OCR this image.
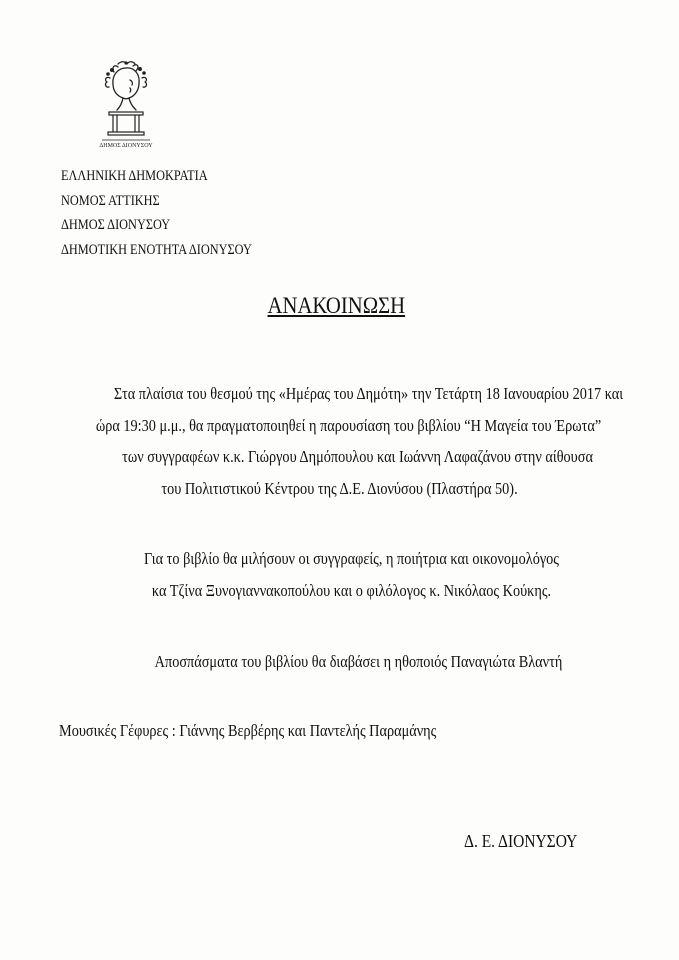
ΔΗΜΟΣ ΔΙΟΝΥΣΟΥ
ΕΛΛΗΝΙΚΗ ΔΗΜΟΚΡΑΤΙΑ
ΝΟΜΟΣ ΑΤΤΙΚΗΣ
ΔΗΜΟΣ ΔΙΟΝΥΣΟΥ
ΔΗΜΟΤΙΚΗ ΕΝΟΤΗΤΑ ΔΙΟΝΥΣΟΥ
ΑΝΑΚΟΙΝΩΣΗ
Στα πλαίσια του θεσμού της «Ημέρας του Δημότη» την Τετάρτη 18 Ιανουαρίου 2017 και
ώρα 19:30 μ.μ., θα πραγματοποιηθεί η παρουσίαση του βιβλίου “Η Μαγεία του Έρωτα”
των συγγραφέων κ.κ. Γιώργου Δημόπουλου και Ιωάννη Λαφαζάνου στην αίθουσα
του Πολιτιστικού Κέντρου της Δ.Ε. Διονύσου (Πλαστήρα 50).
Για το βιβλίο θα μιλήσουν οι συγγραφείς, η ποιήτρια και οικονομολόγος
κα Τζίνα Ξυνογιαννακοπούλου και ο φιλόλογος κ. Νικόλαος Κούκης.
Αποσπάσματα του βιβλίου θα διαβάσει η ηθοποιός Παναγιώτα Βλαντή
Μουσικές Γέφυρες : Γιάννης Βερβέρης και Παντελής Παραμάνης
Δ. Ε. ΔΙΟΝΥΣΟΥ
